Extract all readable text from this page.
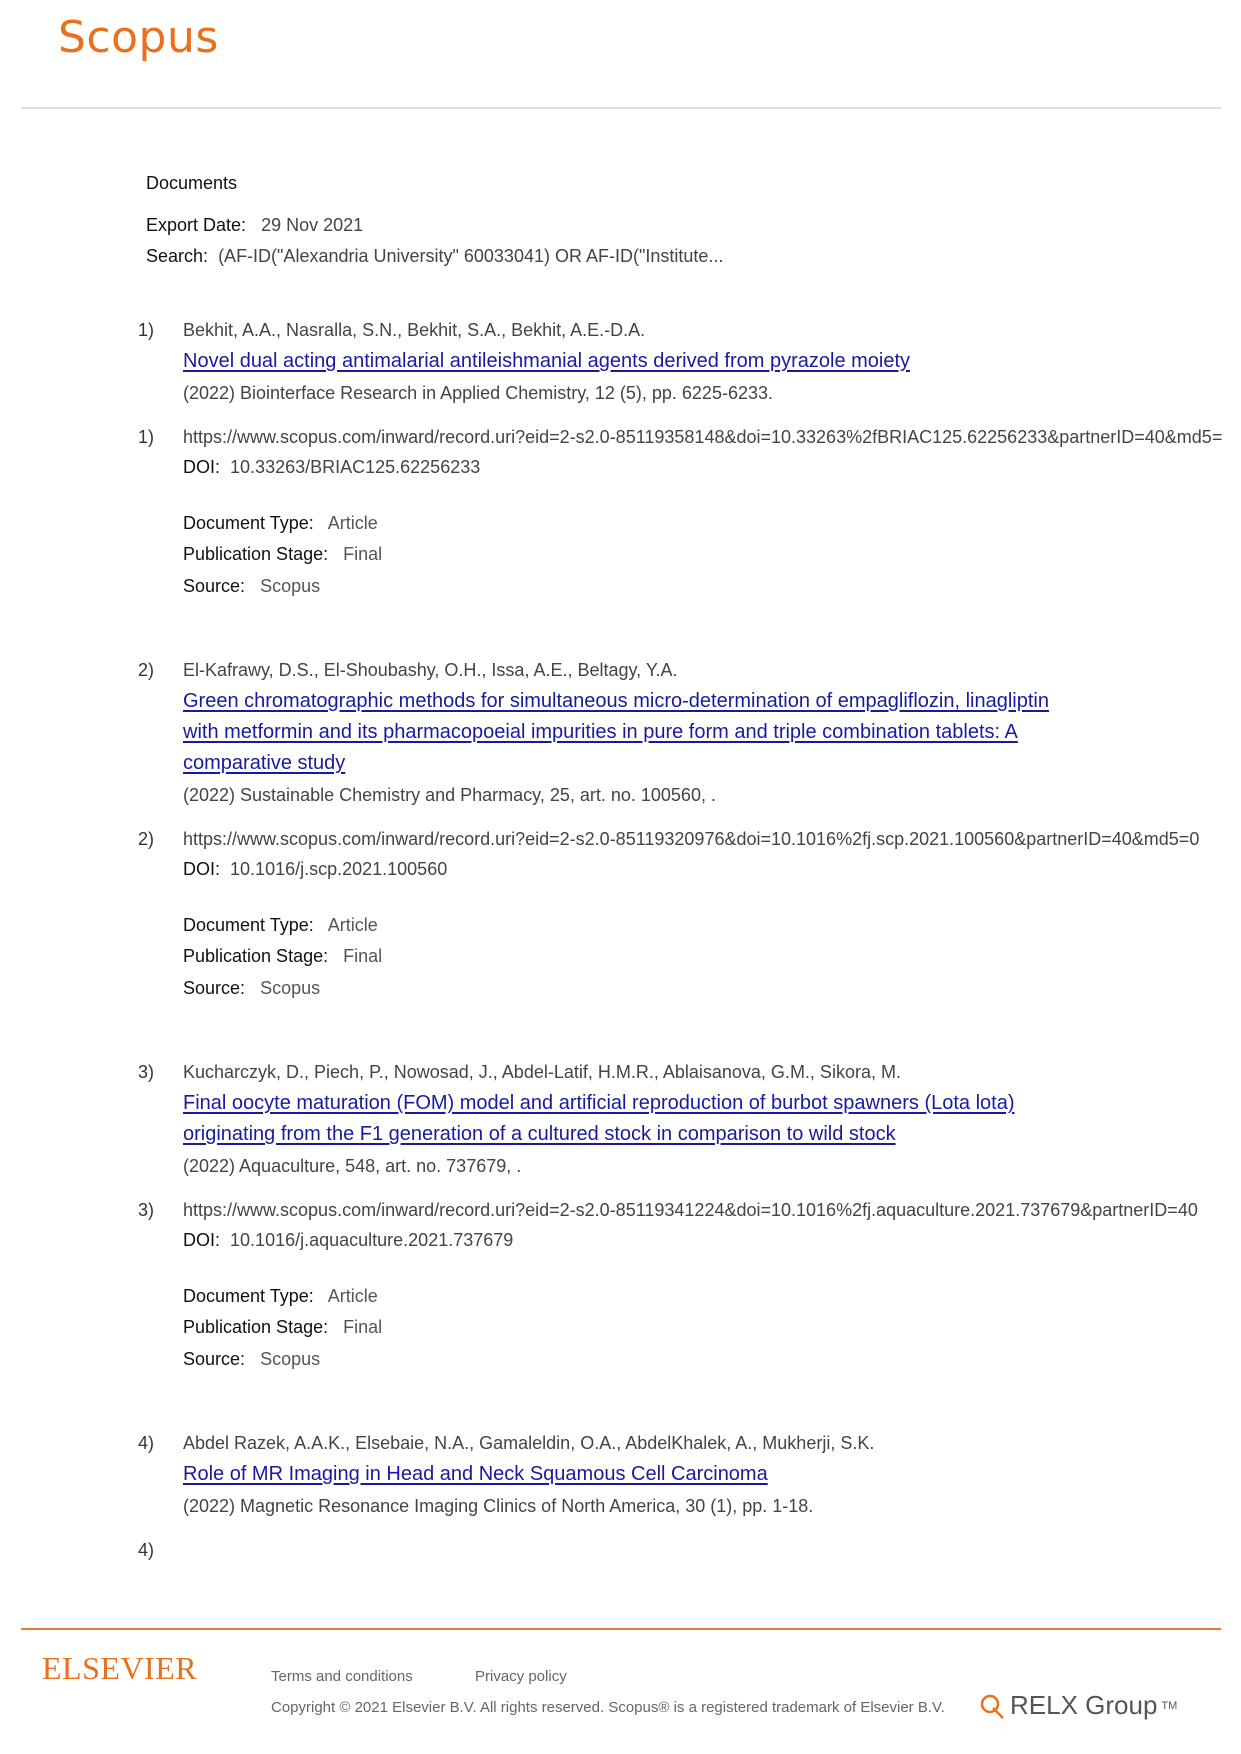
Scopus
Documents
Export Date: 29 Nov 2021
Search: (AF-ID("Alexandria University" 60033041) OR AF-ID("Institute...
1) Bekhit, A.A., Nasralla, S.N., Bekhit, S.A., Bekhit, A.E.-D.A.
Novel dual acting antimalarial antileishmanial agents derived from pyrazole moiety
(2022) Biointerface Research in Applied Chemistry, 12 (5), pp. 6225-6233.
1) https://www.scopus.com/inward/record.uri?eid=2-s2.0-85119358148&doi=10.33263%2fBRIAC125.62256233&partnerID=40&md5=
DOI: 10.33263/BRIAC125.62256233
Document Type: Article
Publication Stage: Final
Source: Scopus
2) El-Kafrawy, D.S., El-Shoubashy, O.H., Issa, A.E., Beltagy, Y.A.
Green chromatographic methods for simultaneous micro-determination of empagliflozin, linagliptin
with metformin and its pharmacopoeial impurities in pure form and triple combination tablets: A
comparative study
(2022) Sustainable Chemistry and Pharmacy, 25, art. no. 100560, .
2) https://www.scopus.com/inward/record.uri?eid=2-s2.0-85119320976&doi=10.1016%2fj.scp.2021.100560&partnerID=40&md5=0
DOI: 10.1016/j.scp.2021.100560
Document Type: Article
Publication Stage: Final
Source: Scopus
3) Kucharczyk, D., Piech, P., Nowosad, J., Abdel-Latif, H.M.R., Ablaisanova, G.M., Sikora, M.
Final oocyte maturation (FOM) model and artificial reproduction of burbot spawners (Lota lota)
originating from the F1 generation of a cultured stock in comparison to wild stock
(2022) Aquaculture, 548, art. no. 737679, .
3) https://www.scopus.com/inward/record.uri?eid=2-s2.0-85119341224&doi=10.1016%2fj.aquaculture.2021.737679&partnerID=40
DOI: 10.1016/j.aquaculture.2021.737679
Document Type: Article
Publication Stage: Final
Source: Scopus
4) Abdel Razek, A.A.K., Elsebaie, N.A., Gamaleldin, O.A., AbdelKhalek, A., Mukherji, S.K.
Role of MR Imaging in Head and Neck Squamous Cell Carcinoma
(2022) Magnetic Resonance Imaging Clinics of North America, 30 (1), pp. 1-18.
4)
ELSEVIER	Terms and conditions	Privacy policy
Copyright © 2021 Elsevier B.V. All rights reserved. Scopus® is a registered trademark of Elsevier B.V.	RELX Group TM
